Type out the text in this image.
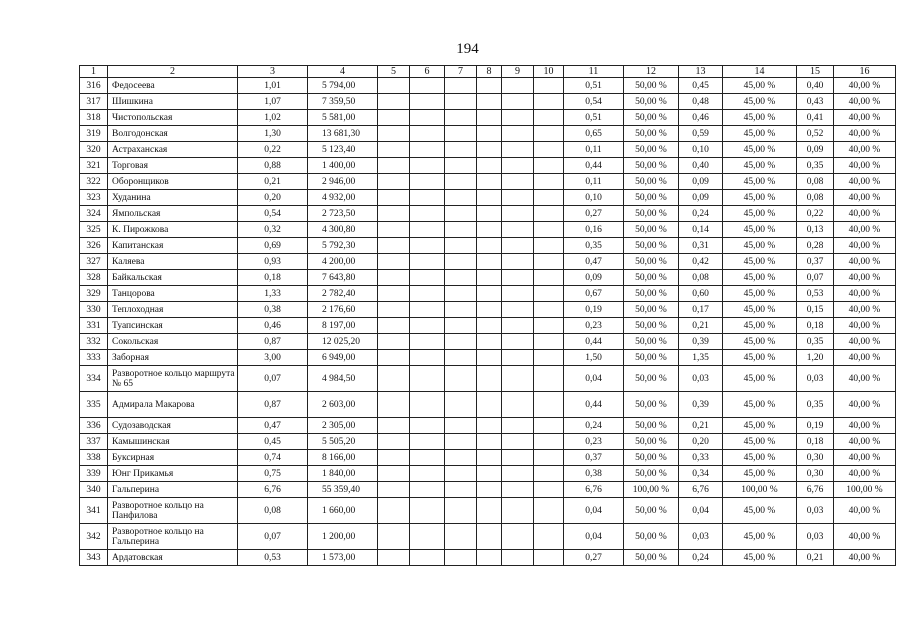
194
1	2	3	4	5	6	7	8	9	10	11	12	13	14	15	16
316	Федосеева	1,01	5 794,00							0,51	50,00 %	0,45	45,00 %	0,40	40,00 %
317	Шишкина	1,07	7 359,50							0,54	50,00 %	0,48	45,00 %	0,43	40,00 %
318	Чистопольская	1,02	5 581,00							0,51	50,00 %	0,46	45,00 %	0,41	40,00 %
319	Волгодонская	1,30	13 681,30							0,65	50,00 %	0,59	45,00 %	0,52	40,00 %
320	Астраханская	0,22	5 123,40							0,11	50,00 %	0,10	45,00 %	0,09	40,00 %
321	Торговая	0,88	1 400,00							0,44	50,00 %	0,40	45,00 %	0,35	40,00 %
322	Оборонщиков	0,21	2 946,00							0,11	50,00 %	0,09	45,00 %	0,08	40,00 %
323	Худанина	0,20	4 932,00							0,10	50,00 %	0,09	45,00 %	0,08	40,00 %
324	Ямпольская	0,54	2 723,50							0,27	50,00 %	0,24	45,00 %	0,22	40,00 %
325	К. Пирожкова	0,32	4 300,80							0,16	50,00 %	0,14	45,00 %	0,13	40,00 %
326	Капитанская	0,69	5 792,30							0,35	50,00 %	0,31	45,00 %	0,28	40,00 %
327	Каляева	0,93	4 200,00							0,47	50,00 %	0,42	45,00 %	0,37	40,00 %
328	Байкальская	0,18	7 643,80							0,09	50,00 %	0,08	45,00 %	0,07	40,00 %
329	Танцорова	1,33	2 782,40							0,67	50,00 %	0,60	45,00 %	0,53	40,00 %
330	Теплоходная	0,38	2 176,60							0,19	50,00 %	0,17	45,00 %	0,15	40,00 %
331	Туапсинская	0,46	8 197,00							0,23	50,00 %	0,21	45,00 %	0,18	40,00 %
332	Сокольская	0,87	12 025,20							0,44	50,00 %	0,39	45,00 %	0,35	40,00 %
333	Заборная	3,00	6 949,00							1,50	50,00 %	1,35	45,00 %	1,20	40,00 %
334	Разворотное кольцо маршрута № 65	0,07	4 984,50							0,04	50,00 %	0,03	45,00 %	0,03	40,00 %
335	Адмирала Макарова	0,87	2 603,00							0,44	50,00 %	0,39	45,00 %	0,35	40,00 %
336	Судозаводская	0,47	2 305,00							0,24	50,00 %	0,21	45,00 %	0,19	40,00 %
337	Камышинская	0,45	5 505,20							0,23	50,00 %	0,20	45,00 %	0,18	40,00 %
338	Буксирная	0,74	8 166,00							0,37	50,00 %	0,33	45,00 %	0,30	40,00 %
339	Юнг Прикамья	0,75	1 840,00							0,38	50,00 %	0,34	45,00 %	0,30	40,00 %
340	Гальперина	6,76	55 359,40							6,76	100,00 %	6,76	100,00 %	6,76	100,00 %
341	Разворотное кольцо на Панфилова	0,08	1 660,00							0,04	50,00 %	0,04	45,00 %	0,03	40,00 %
342	Разворотное кольцо на Гальперина	0,07	1 200,00							0,04	50,00 %	0,03	45,00 %	0,03	40,00 %
343	Ардатовская	0,53	1 573,00							0,27	50,00 %	0,24	45,00 %	0,21	40,00 %
